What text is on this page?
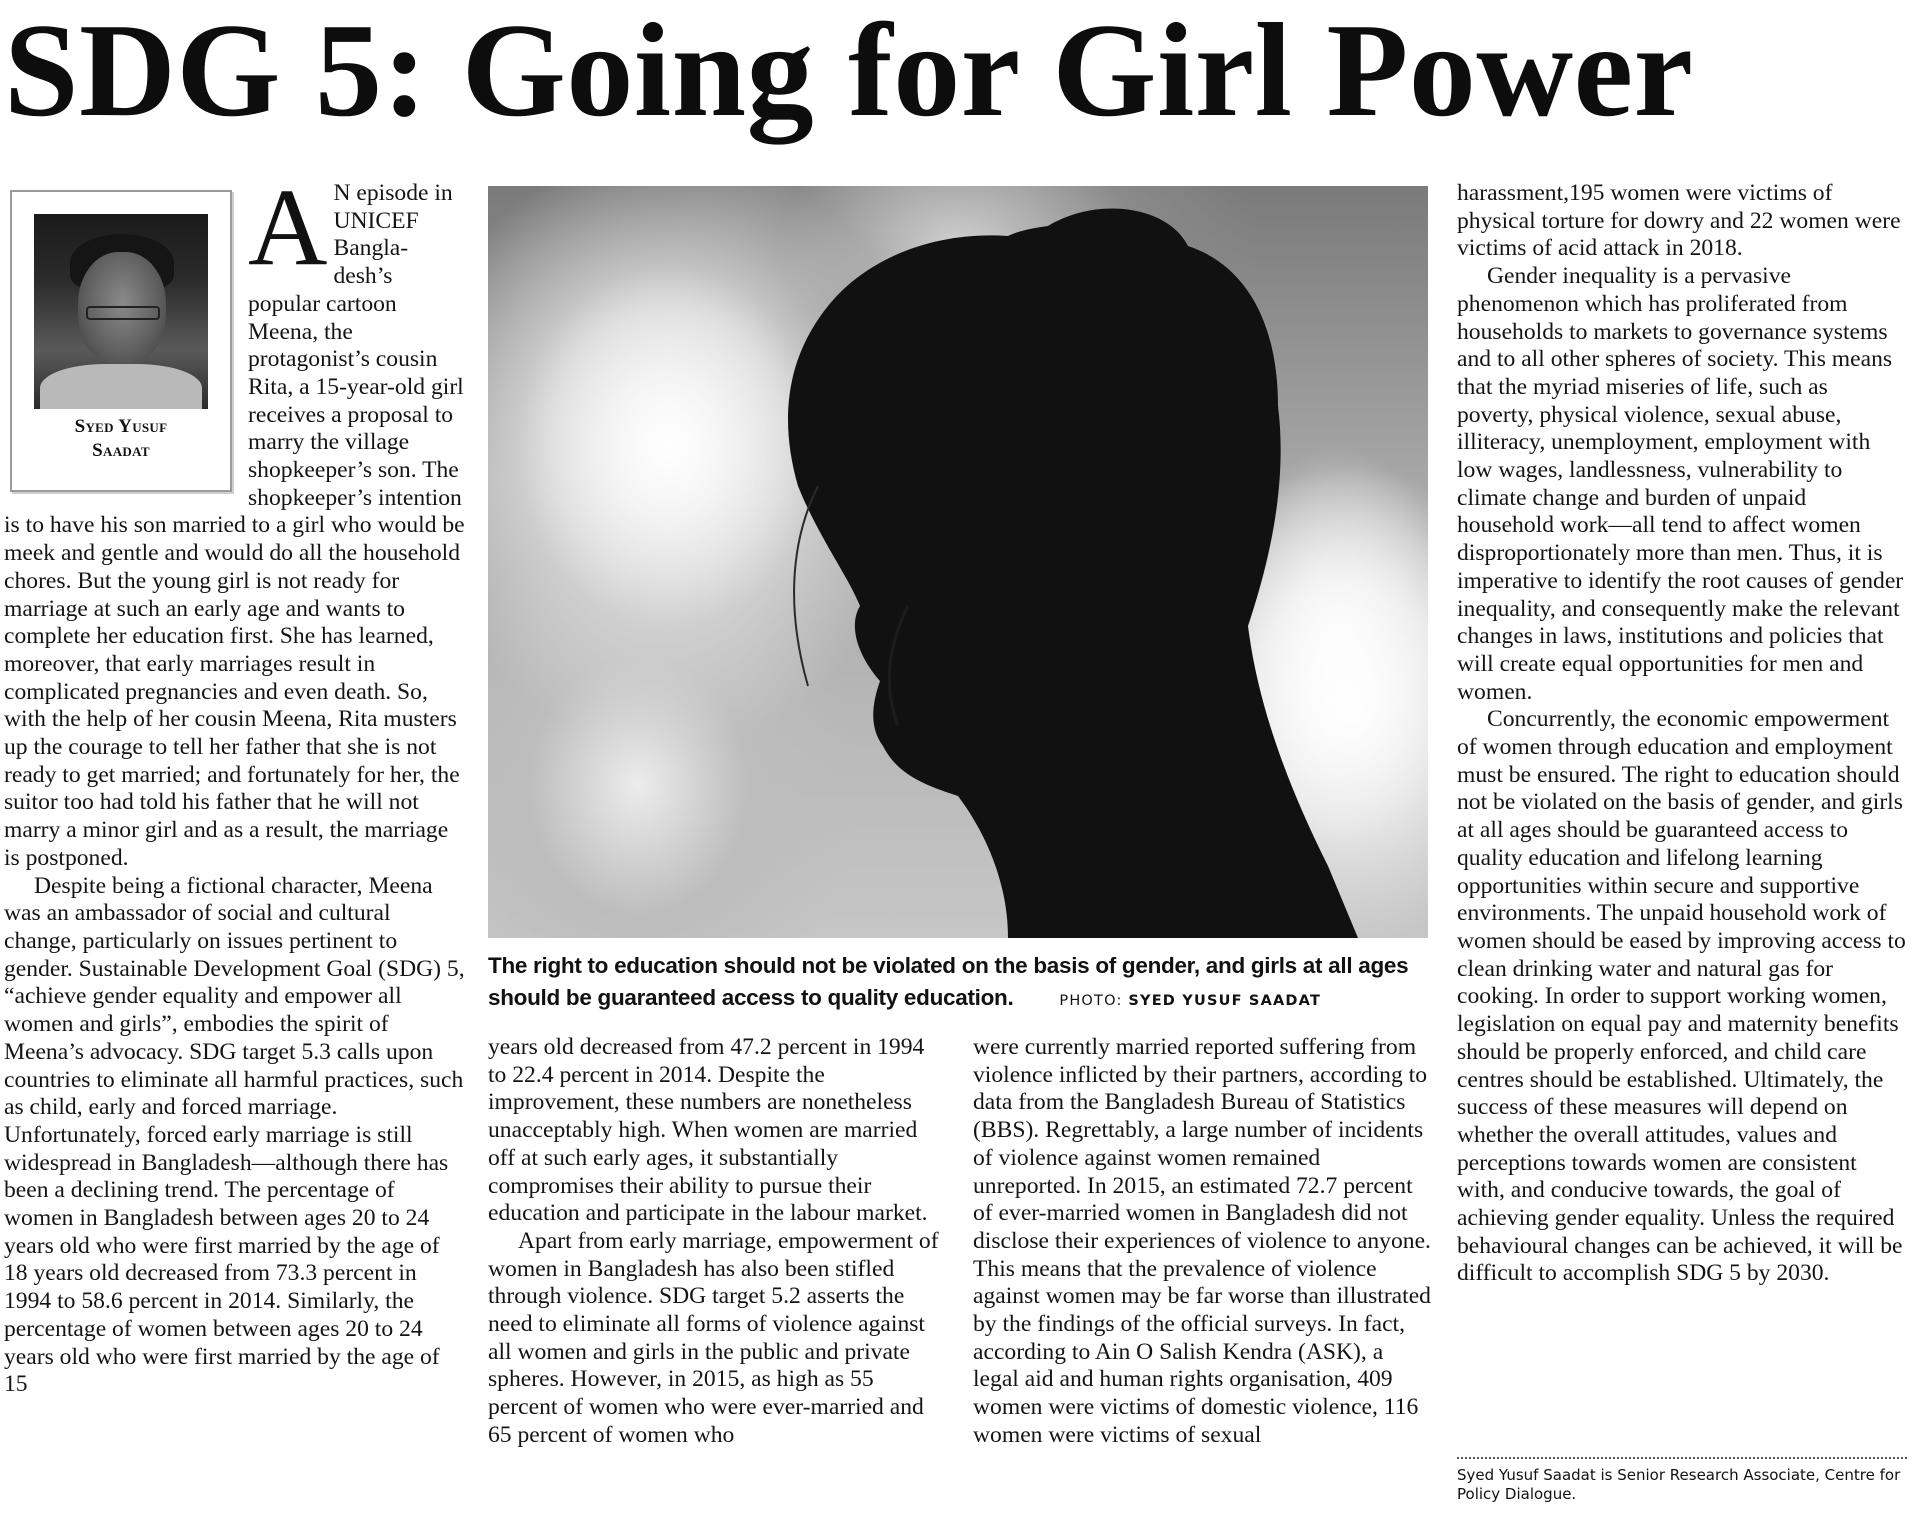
SDG 5: Going for Girl Power
Syed Yusuf
Saadat

A N episode in UNICEF Bangla-desh’s popular cartoon Meena, the protagonist’s cousin Rita, a 15-year-old girl receives a proposal to marry the village shopkeeper’s son. The shopkeeper’s intention is to have his son married to a girl who would be meek and gentle and would do all the household chores. But the young girl is not ready for marriage at such an early age and wants to complete her education first. She has learned, moreover, that early marriages result in complicated pregnancies and even death. So, with the help of her cousin Meena, Rita musters up the courage to tell her father that she is not ready to get married; and fortunately for her, the suitor too had told his father that he will not marry a minor girl and as a result, the marriage is postponed.

Despite being a fictional character, Meena was an ambassador of social and cultural change, particularly on issues pertinent to gender. Sustainable Development Goal (SDG) 5, “achieve gender equality and empower all women and girls”, embodies the spirit of Meena’s advocacy. SDG target 5.3 calls upon countries to eliminate all harmful practices, such as child, early and forced marriage. Unfortunately, forced early marriage is still widespread in Bangladesh—although there has been a declining trend. The percentage of women in Bangladesh between ages 20 to 24 years old who were first married by the age of 18 years old decreased from 73.3 percent in 1994 to 58.6 percent in 2014. Similarly, the percentage of women between ages 20 to 24 years old who were first married by the age of 15

The right to education should not be violated on the basis of gender, and girls at all ages should be guaranteed access to quality education.	PHOTO: SYED YUSUF SAADAT

years old decreased from 47.2 percent in 1994 to 22.4 percent in 2014. Despite the improvement, these numbers are nonetheless unacceptably high. When women are married off at such early ages, it substantially compromises their ability to pursue their education and participate in the labour market.

Apart from early marriage, empowerment of women in Bangladesh has also been stifled through violence. SDG target 5.2 asserts the need to eliminate all forms of violence against all women and girls in the public and private spheres. However, in 2015, as high as 55 percent of women who were ever-married and 65 percent of women who

were currently married reported suffering from violence inflicted by their partners, according to data from the Bangladesh Bureau of Statistics (BBS). Regrettably, a large number of incidents of violence against women remained unreported. In 2015, an estimated 72.7 percent of ever-married women in Bangladesh did not disclose their experiences of violence to anyone. This means that the prevalence of violence against women may be far worse than illustrated by the findings of the official surveys. In fact, according to Ain O Salish Kendra (ASK), a legal aid and human rights organisation, 409 women were victims of domestic violence, 116 women were victims of sexual

harassment,195 women were victims of physical torture for dowry and 22 women were victims of acid attack in 2018.

Gender inequality is a pervasive phenomenon which has proliferated from households to markets to governance systems and to all other spheres of society. This means that the myriad miseries of life, such as poverty, physical violence, sexual abuse, illiteracy, unemployment, employment with low wages, landlessness, vulnerability to climate change and burden of unpaid household work—all tend to affect women disproportionately more than men. Thus, it is imperative to identify the root causes of gender inequality, and consequently make the relevant changes in laws, institutions and policies that will create equal opportunities for men and women.

Concurrently, the economic empowerment of women through education and employment must be ensured. The right to education should not be violated on the basis of gender, and girls at all ages should be guaranteed access to quality education and lifelong learning opportunities within secure and supportive environments. The unpaid household work of women should be eased by improving access to clean drinking water and natural gas for cooking. In order to support working women, legislation on equal pay and maternity benefits should be properly enforced, and child care centres should be established. Ultimately, the success of these measures will depend on whether the overall attitudes, values and perceptions towards women are consistent with, and conducive towards, the goal of achieving gender equality. Unless the required behavioural changes can be achieved, it will be difficult to accomplish SDG 5 by 2030.

Syed Yusuf Saadat is Senior Research Associate, Centre for Policy Dialogue.
